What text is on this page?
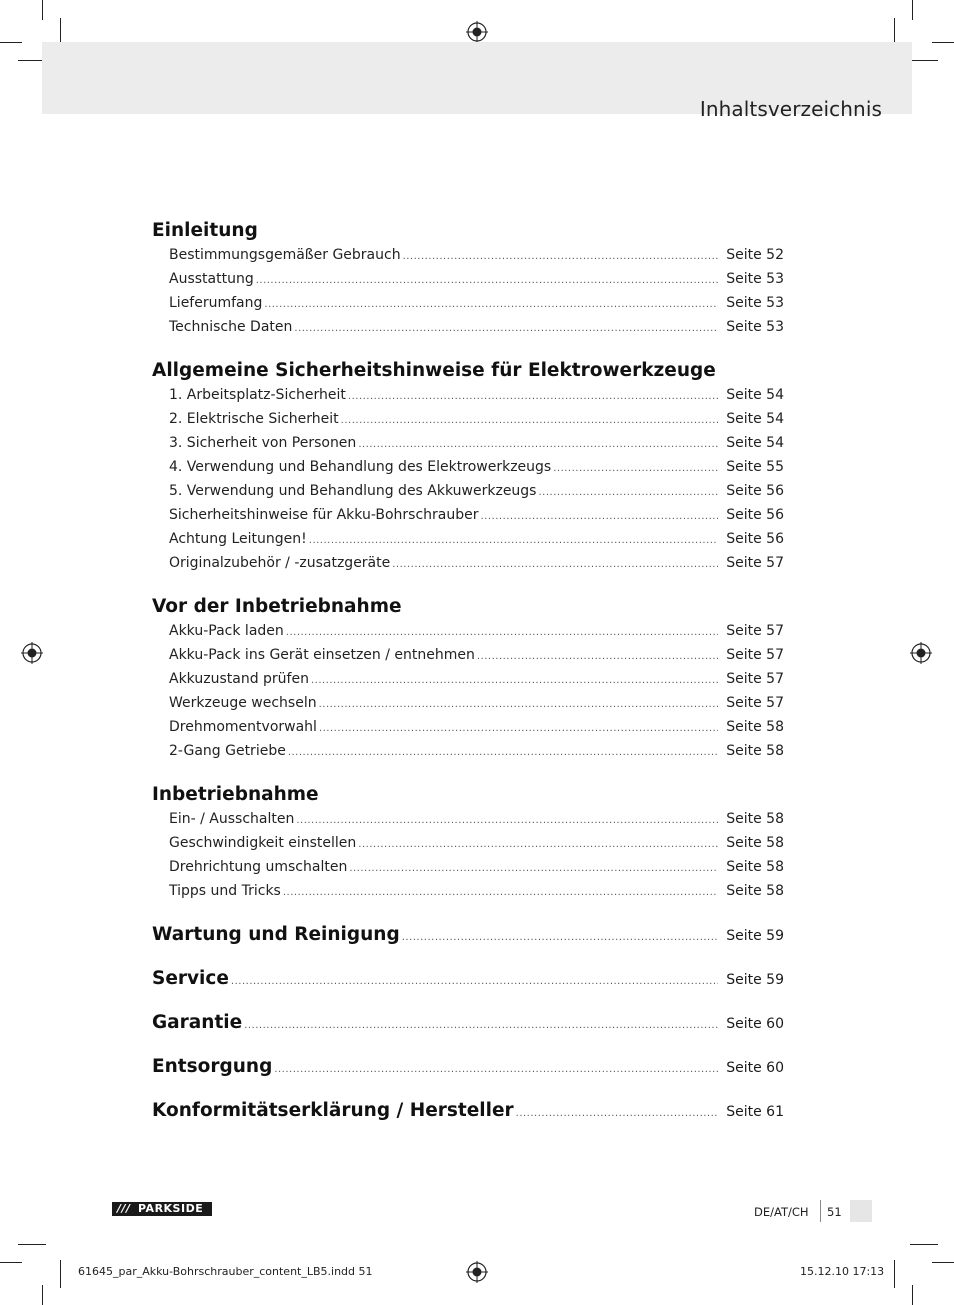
Inhaltsverzeichnis
Einleitung
Bestimmungsgemäßer Gebrauch .....	Seite 52
Ausstattung .....	Seite 53
Lieferumfang .....	Seite 53
Technische Daten .....	Seite 53
Allgemeine Sicherheitshinweise für Elektrowerkzeuge
1. Arbeitsplatz-Sicherheit .....	Seite 54
2. Elektrische Sicherheit .....	Seite 54
3. Sicherheit von Personen .....	Seite 54
4. Verwendung und Behandlung des Elektrowerkzeugs .....	Seite 55
5. Verwendung und Behandlung des Akkuwerkzeugs .....	Seite 56
Sicherheitshinweise für Akku-Bohrschrauber .....	Seite 56
Achtung Leitungen! .....	Seite 56
Originalzubehör / -zusatzgeräte .....	Seite 57
Vor der Inbetriebnahme
Akku-Pack laden .....	Seite 57
Akku-Pack ins Gerät einsetzen / entnehmen .....	Seite 57
Akkuzustand prüfen .....	Seite 57
Werkzeuge wechseln .....	Seite 57
Drehmomentvorwahl .....	Seite 58
2-Gang Getriebe .....	Seite 58
Inbetriebnahme
Ein- / Ausschalten .....	Seite 58
Geschwindigkeit einstellen .....	Seite 58
Drehrichtung umschalten .....	Seite 58
Tipps und Tricks .....	Seite 58
Wartung und Reinigung .....	Seite 59
Service .....	Seite 59
Garantie .....	Seite 60
Entsorgung .....	Seite 60
Konformitätserklärung / Hersteller .....	Seite 61
/// PARKSIDE	DE/AT/CH 51
61645_par_Akku-Bohrschrauber_content_LB5.indd 51	15.12.10 17:13
